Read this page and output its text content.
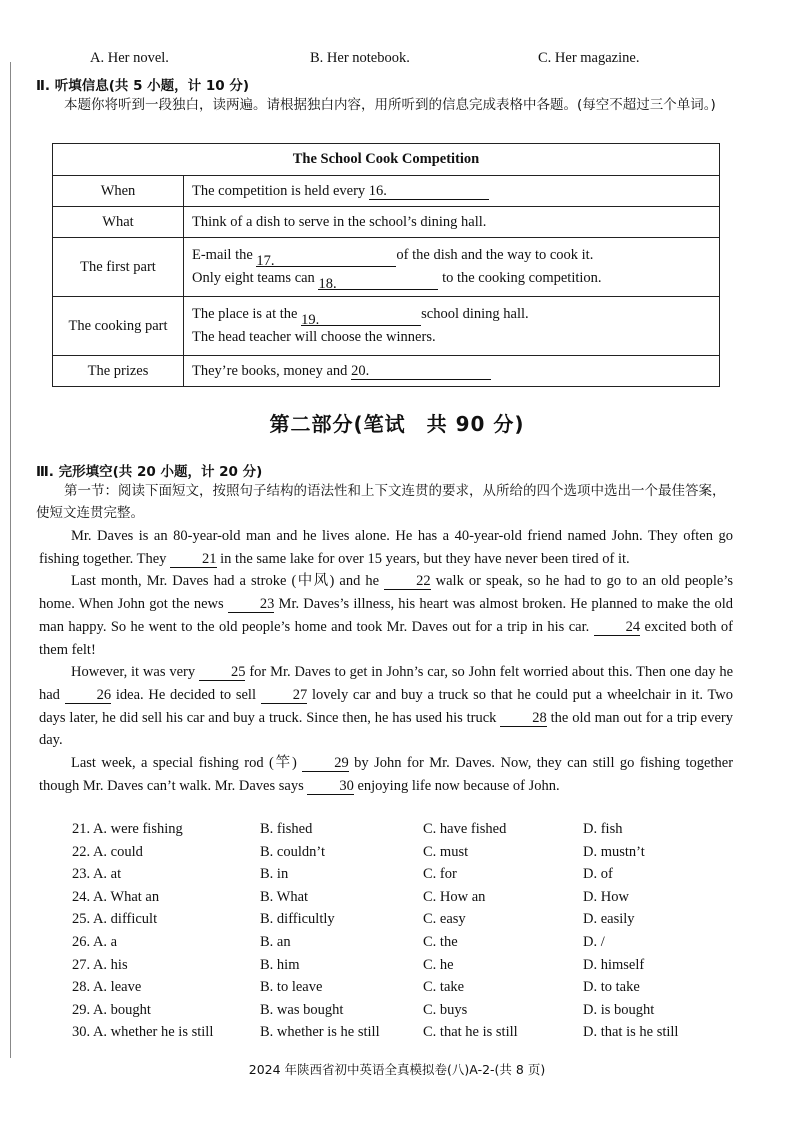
A. Her novel.	B. Her notebook.	C. Her magazine.
Ⅱ. 听填信息(共 5 小题，计 10 分)
本题你将听到一段独白，读两遍。请根据独白内容，用所听到的信息完成表格中各题。(每空不超过三个单词。)
The School Cook Competition	
When	The competition is held every 16.
What	Think of a dish to serve in the school’s dining hall.
The first part	E-mail the 17. of the dish and the way to cook it.
Only eight teams can 18. to the cooking competition.

The cooking part	The place is at the 19. school dining hall.
The head teacher will choose the winners.

The prizes	They’re books, money and 20.
第二部分(笔试　共 90 分)
Ⅲ. 完形填空(共 20 小题，计 20 分)
第一节：阅读下面短文，按照句子结构的语法性和上下文连贯的要求，从所给的四个选项中选出一个最佳答案，使短文连贯完整。

Mr. Daves is an 80-year-old man and he lives alone. He has a 40-year-old friend named John. They often go fishing together. They 21 in the same lake for over 15 years, but they have never been tired of it.

Last month, Mr. Daves had a stroke (中风) and he	22 walk or speak, so he had to go to an old people’s home. When John got the news 23 Mr. Daves’s illness, his heart was almost broken. He planned to make the old man happy. So he went to the old people’s home and took Mr. Daves out for a trip in his car.	24 excited both of them felt!

However, it was very 25 for Mr. Daves to get in John’s car, so John felt worried about this. Then one day he had	26 idea. He decided to sell	27 lovely car and buy a truck so that he could put a wheelchair in it. Two days later, he did sell his car and buy a truck. Since then, he has used his truck 28 the old man out for a trip every day.

Last week, a special fishing rod (竿)	29 by John for Mr. Daves. Now, they can still go fishing together though Mr. Daves can’t walk. Mr. Daves says 30 enjoying life now because of John.

21. A. were fishing	B. fished	C. have fished	D. fish
22. A. could	B. couldn’t	C. must	D. mustn’t
23. A. at	B. in	C. for	D. of
24. A. What an	B. What	C. How an	D. How
25. A. difficult	B. difficultly	C. easy	D. easily
26. A. a	B. an	C. the	D. /
27. A. his	B. him	C. he	D. himself
28. A. leave	B. to leave	C. take	D. to take
29. A. bought	B. was bought	C. buys	D. is bought
30. A. whether he is still	B. whether is he still	C. that he is still	D. that is he still
2024 年陕西省初中英语全真模拟卷(八)A-2-(共 8 页)
